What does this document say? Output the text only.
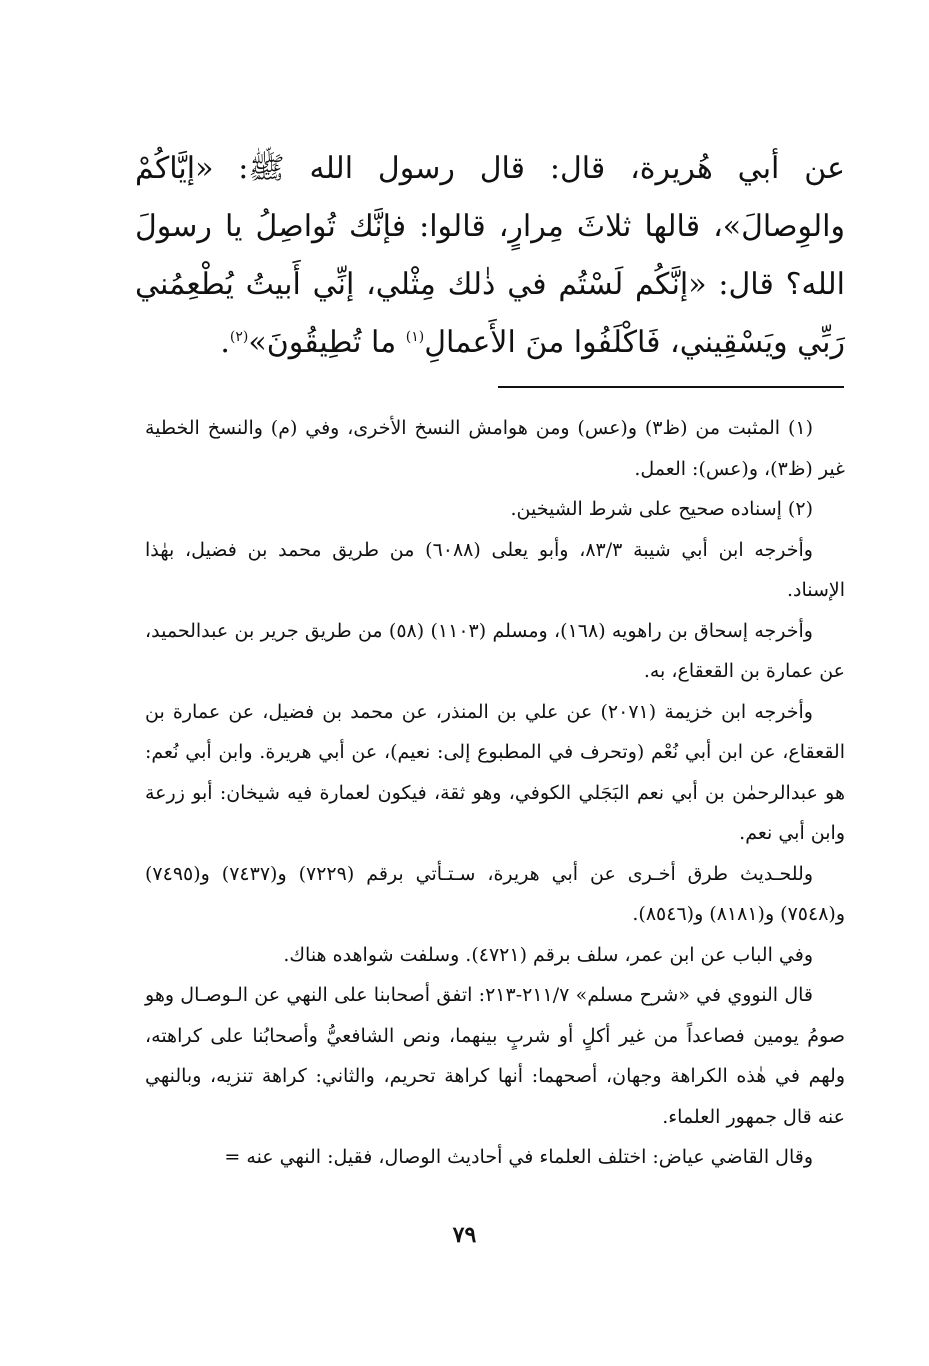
عن أبي هُريرة، قال: قال رسول الله ﷺ: «إيَّاكُمْ والوِصالَ»، قالها ثلاثَ مِرارٍ، قالوا: فإنَّك تُواصِلُ يا رسولَ الله؟ قال: «إنَّكُم لَسْتُم في ذٰلك مِثْلي، إنِّي أَبيتُ يُطْعِمُني رَبِّي ويَسْقِيني، فَاكْلَفُوا منَ الأَعمالِ$^{(١)}$ ما تُطِيقُونَ»$^{(٢)}$.

(١) المثبت من (ظ٣) و(عس) ومن هوامش النسخ الأخرى، وفي (م) والنسخ الخطية غير (ظ٣)، و(عس): العمل.

(٢) إسناده صحيح على شرط الشيخين.

وأخرجه ابن أبي شيبة ٨٣/٣، وأبو يعلى (٦٠٨٨) من طريق محمد بن فضيل، بهٰذا الإسناد.

وأخرجه إسحاق بن راهويه (١٦٨)، ومسلم (١١٠٣) (٥٨) من طريق جرير بن عبدالحميد، عن عمارة بن القعقاع، به.

وأخرجه ابن خزيمة (٢٠٧١) عن علي بن المنذر، عن محمد بن فضيل، عن عمارة بن القعقاع، عن ابن أبي نُعْم (وتحرف في المطبوع إلى: نعيم)، عن أبي هريرة. وابن أبي نُعم: هو عبدالرحمٰن بن أبي نعم البَجَلي الكوفي، وهو ثقة، فيكون لعمارة فيه شيخان: أبو زرعة وابن أبي نعم.

وللحـديث طرق أخـرى عن أبي هريرة، سـتـأتي برقم (٧٢٢٩) و(٧٤٣٧) و(٧٤٩٥) و(٧٥٤٨) و(٨١٨١) و(٨٥٤٦).

وفي الباب عن ابن عمر، سلف برقم (٤٧٢١). وسلفت شواهده هناك.

قال النووي في «شرح مسلم» ٢١١/٧-٢١٣: اتفق أصحابنا على النهي عن الـوصـال وهو صومُ يومين فصاعداً من غير أكلٍ أو شربٍ بينهما، ونص الشافعيُّ وأصحابُنا على كراهته، ولهم في هٰذه الكراهة وجهان، أصحهما: أنها كراهة تحريم، والثاني: كراهة تنزيه، وبالنهي عنه قال جمهور العلماء.

وقال القاضي عياض: اختلف العلماء في أحاديث الوصال، فقيل: النهي عنه =

٧٩
